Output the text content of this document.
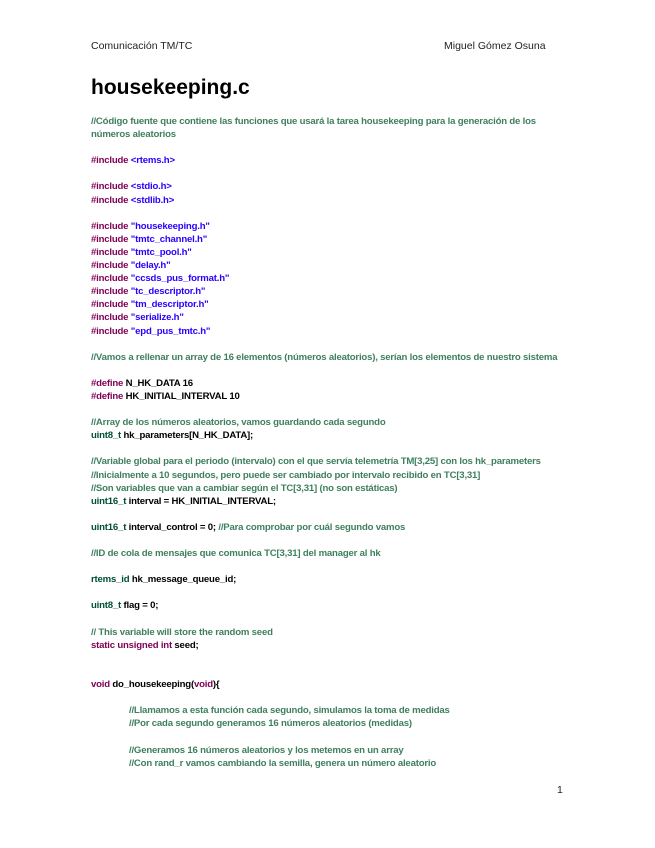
Comunicación TM/TC	Miguel Gómez Osuna
housekeeping.c
//Código fuente que contiene las funciones que usará la tarea housekeeping para la generación de los
números aleatorios
#include <rtems.h>
#include <stdio.h>
#include <stdlib.h>
#include "housekeeping.h"
#include "tmtc_channel.h"
#include "tmtc_pool.h"
#include "delay.h"
#include "ccsds_pus_format.h"
#include "tc_descriptor.h"
#include "tm_descriptor.h"
#include "serialize.h"
#include "epd_pus_tmtc.h"
//Vamos a rellenar un array de 16 elementos (números aleatorios), serían los elementos de nuestro sistema
#define N_HK_DATA 16
#define HK_INITIAL_INTERVAL 10
//Array de los números aleatorios, vamos guardando cada segundo
uint8_t hk_parameters[N_HK_DATA];
//Variable global para el periodo (intervalo) con el que servía telemetría TM[3,25] con los hk_parameters
//Inicialmente a 10 segundos, pero puede ser cambiado por intervalo recibido en TC[3,31]
//Son variables que van a cambiar según el TC[3,31] (no son estáticas)
uint16_t interval = HK_INITIAL_INTERVAL;
uint16_t interval_control = 0; //Para comprobar por cuál segundo vamos
//ID de cola de mensajes que comunica TC[3,31] del manager al hk
rtems_id hk_message_queue_id;
uint8_t flag = 0;
// This variable will store the random seed
static unsigned int seed;
void do_housekeeping(void){
//Llamamos a esta función cada segundo, simulamos la toma de medidas
//Por cada segundo generamos 16 números aleatorios (medidas)
//Generamos 16 números aleatorios y los metemos en un array
//Con rand_r vamos cambiando la semilla, genera un número aleatorio
1
